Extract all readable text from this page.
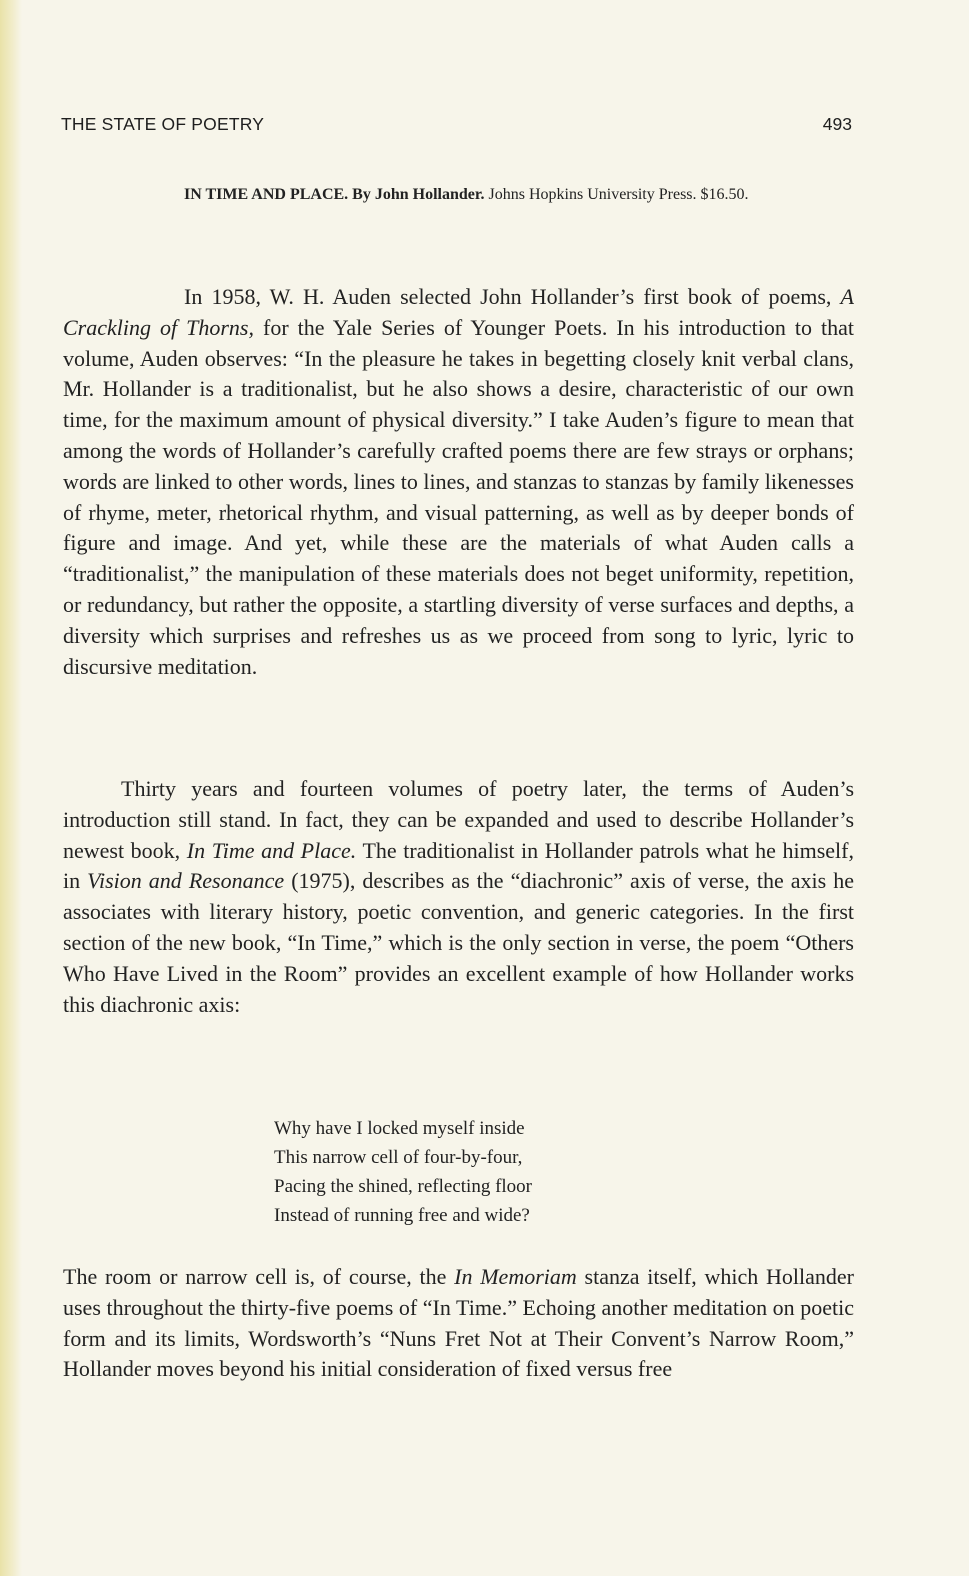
THE STATE OF POETRY	493
IN TIME AND PLACE. By John Hollander. Johns Hopkins University Press. $16.50.

In 1958, W. H. Auden selected John Hollander’s first book of poems, A Crackling of Thorns, for the Yale Series of Younger Poets. In his introduction to that volume, Auden observes: “In the pleasure he takes in begetting closely knit verbal clans, Mr. Hollander is a traditionalist, but he also shows a desire, characteristic of our own time, for the maximum amount of physical diversity.” I take Auden’s figure to mean that among the words of Hollander’s carefully crafted poems there are few strays or orphans; words are linked to other words, lines to lines, and stanzas to stanzas by family likenesses of rhyme, meter, rhetorical rhythm, and visual patterning, as well as by deeper bonds of figure and image. And yet, while these are the materials of what Auden calls a “traditionalist,” the manipulation of these materials does not beget uniformity, repetition, or redundancy, but rather the opposite, a startling diversity of verse surfaces and depths, a diversity which surprises and refreshes us as we proceed from song to lyric, lyric to discursive meditation.

Thirty years and fourteen volumes of poetry later, the terms of Auden’s introduction still stand. In fact, they can be expanded and used to describe Hollander’s newest book, In Time and Place. The traditionalist in Hollander patrols what he himself, in Vision and Resonance (1975), describes as the “diachronic” axis of verse, the axis he associates with literary history, poetic convention, and generic categories. In the first section of the new book, “In Time,” which is the only section in verse, the poem “Others Who Have Lived in the Room” provides an excellent example of how Hollander works this diachronic axis:

Why have I locked myself inside
This narrow cell of four-by-four,
Pacing the shined, reflecting floor
Instead of running free and wide?

The room or narrow cell is, of course, the In Memoriam stanza itself, which Hollander uses throughout the thirty-five poems of “In Time.” Echoing another meditation on poetic form and its limits, Wordsworth’s “Nuns Fret Not at Their Convent’s Narrow Room,” Hollander moves beyond his initial consideration of fixed versus free
